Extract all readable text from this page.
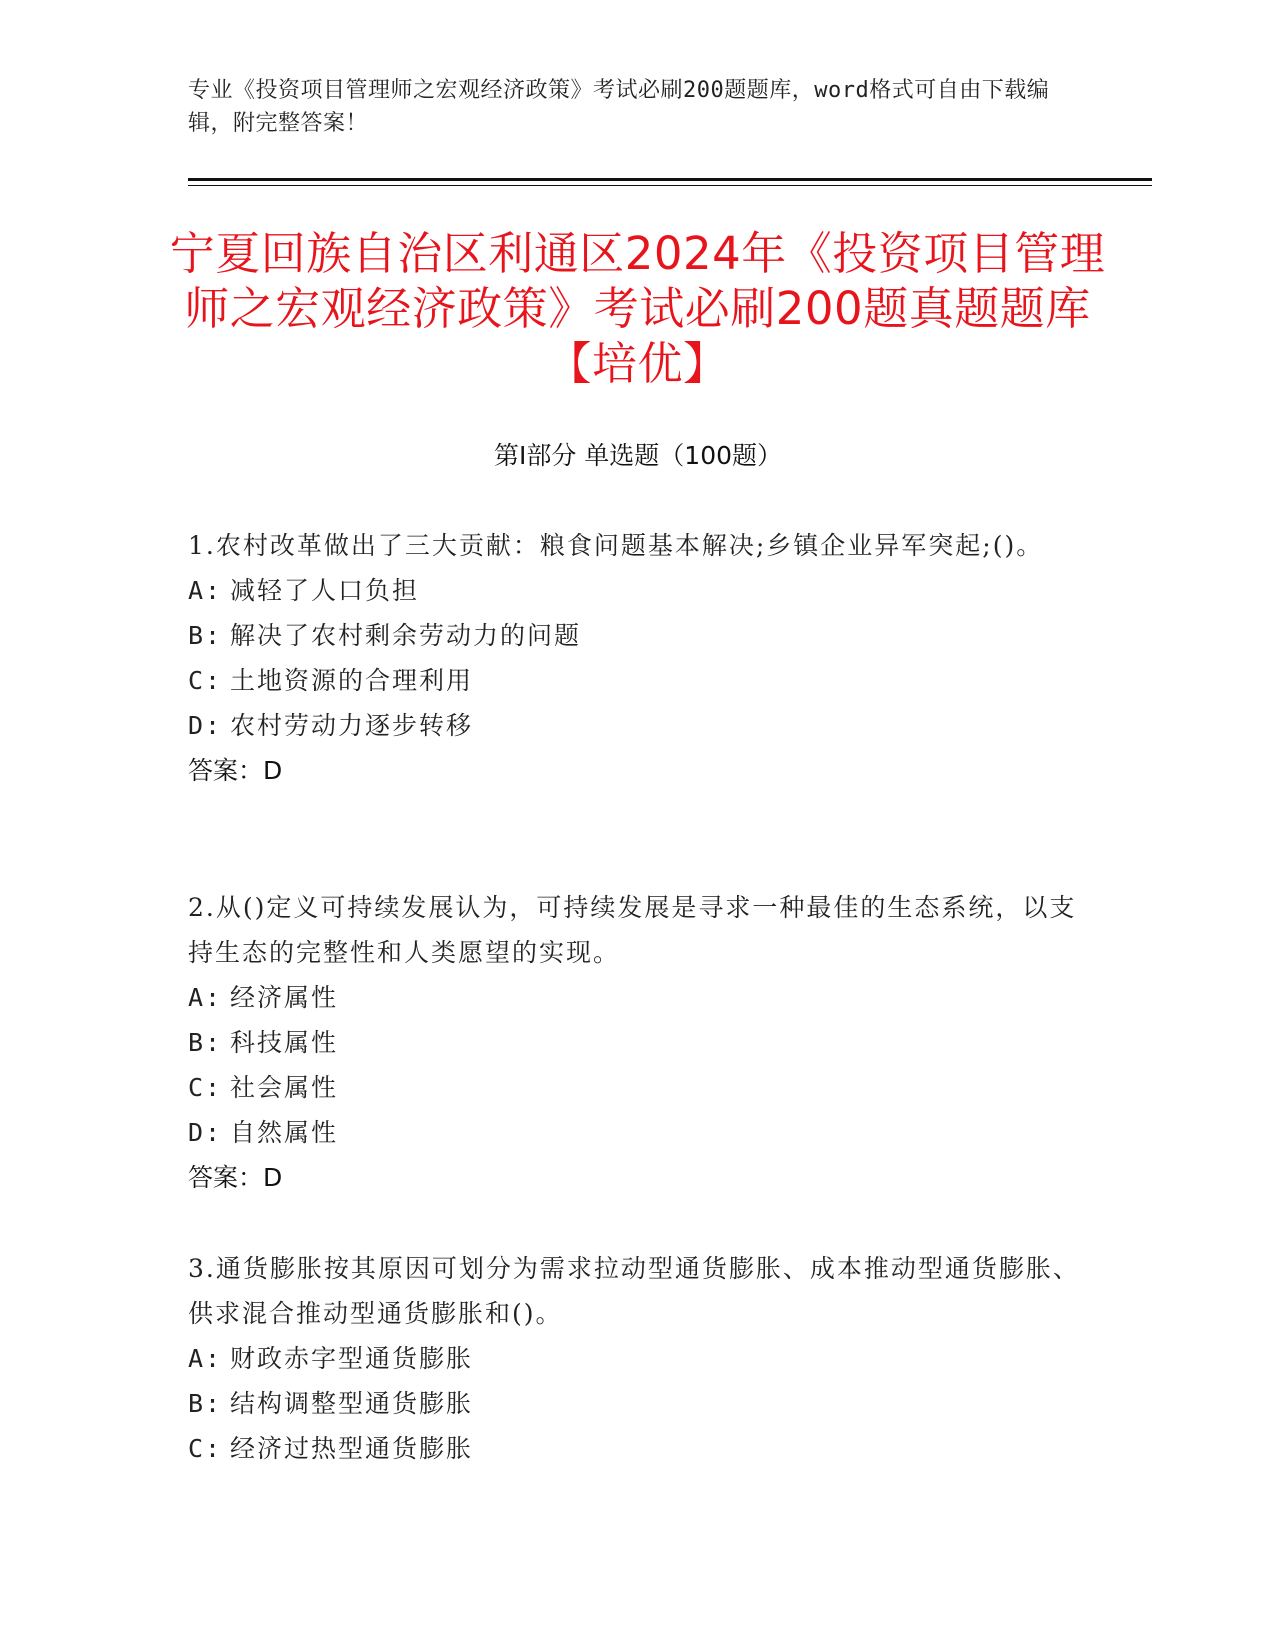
专业《投资项目管理师之宏观经济政策》考试必刷200题题库，word格式可自由下载编辑，附完整答案！
宁夏回族自治区利通区2024年《投资项目管理师之宏观经济政策》考试必刷200题真题题库【培优】
第Ⅰ部分 单选题（100题）
1.农村改革做出了三大贡献：粮食问题基本解决;乡镇企业异军突起;()。
A: 减轻了人口负担
B: 解决了农村剩余劳动力的问题
C: 土地资源的合理利用
D: 农村劳动力逐步转移
答案：D
2.从()定义可持续发展认为，可持续发展是寻求一种最佳的生态系统，以支持生态的完整性和人类愿望的实现。
A: 经济属性
B: 科技属性
C: 社会属性
D: 自然属性
答案：D
3.通货膨胀按其原因可划分为需求拉动型通货膨胀、成本推动型通货膨胀、供求混合推动型通货膨胀和()。
A: 财政赤字型通货膨胀
B: 结构调整型通货膨胀
C: 经济过热型通货膨胀
